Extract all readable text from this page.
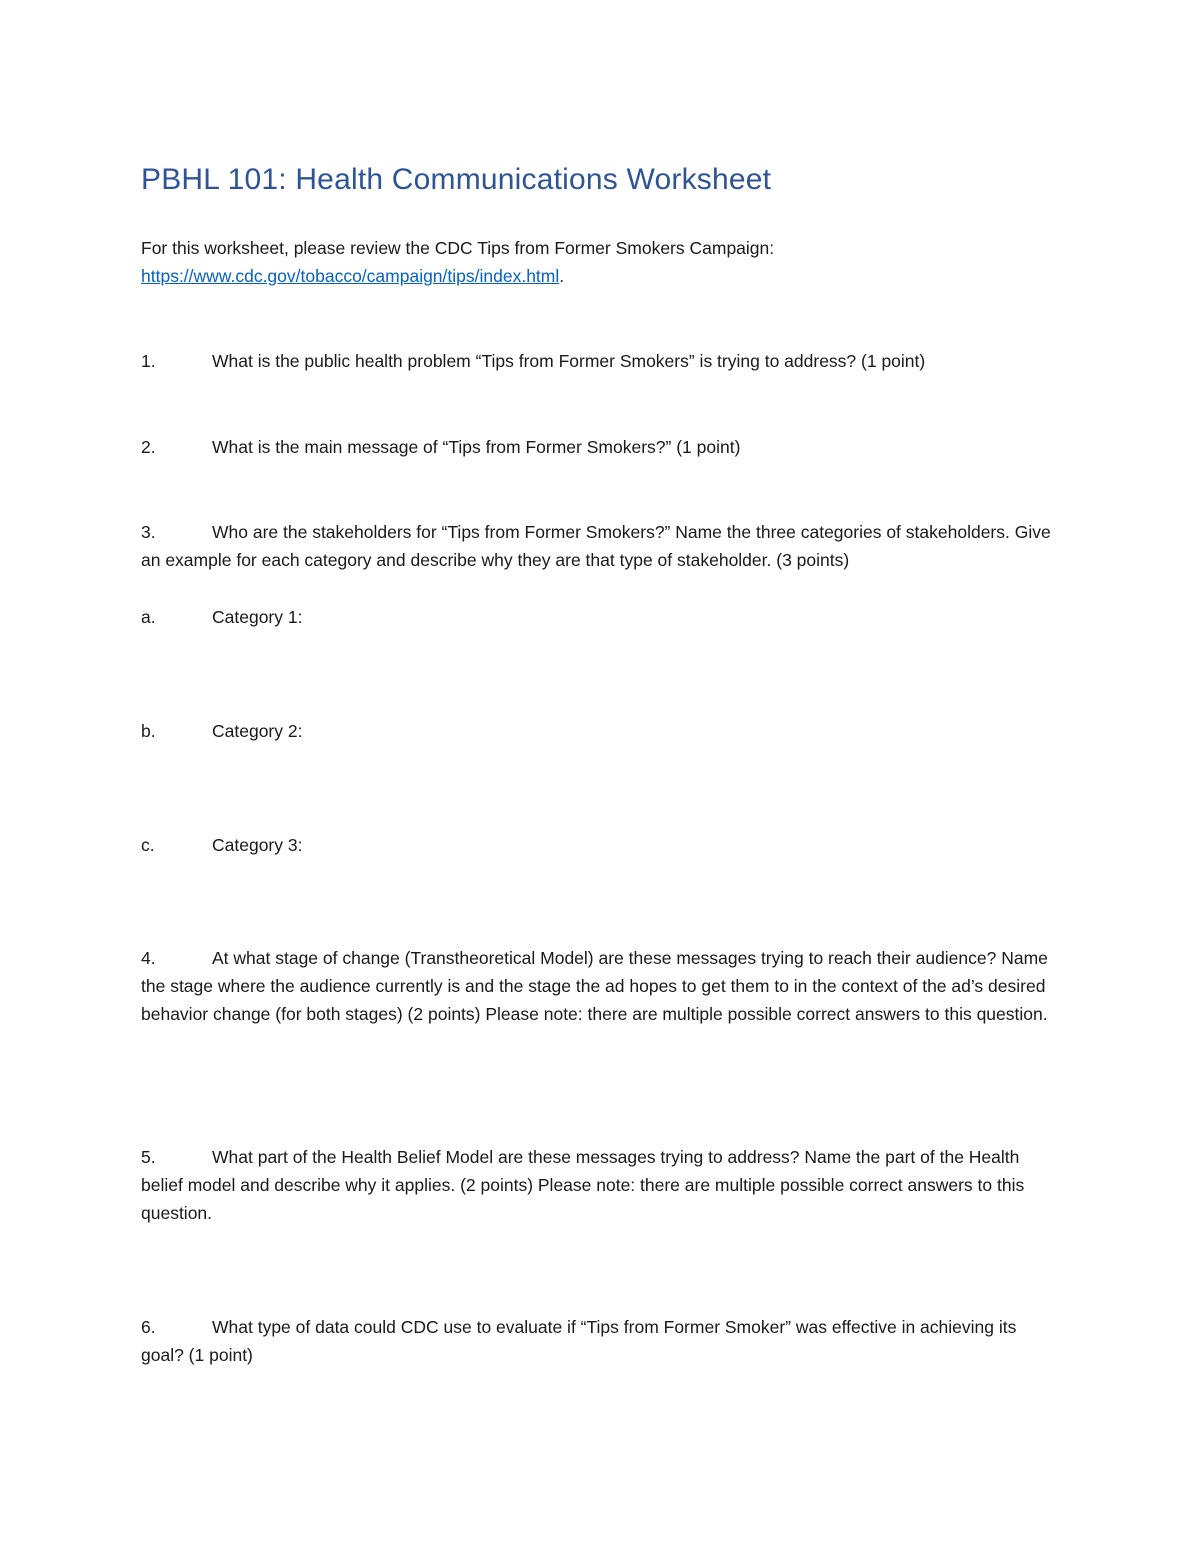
PBHL 101: Health Communications Worksheet

For this worksheet, please review the CDC Tips from Former Smokers Campaign:
https://www.cdc.gov/tobacco/campaign/tips/index.html.

1.	What is the public health problem “Tips from Former Smokers” is trying to address? (1 point)

2.	What is the main message of “Tips from Former Smokers?” (1 point)

3.	Who are the stakeholders for “Tips from Former Smokers?” Name the three categories of stakeholders. Give an example for each category and describe why they are that type of stakeholder. (3 points)

a.	Category 1:
b.	Category 2:
c.	Category 3:

4.	At what stage of change (Transtheoretical Model) are these messages trying to reach their audience? Name the stage where the audience currently is and the stage the ad hopes to get them to in the context of the ad’s desired behavior change (for both stages) (2 points) Please note: there are multiple possible correct answers to this question.

5.	What part of the Health Belief Model are these messages trying to address? Name the part of the Health belief model and describe why it applies. (2 points) Please note: there are multiple possible correct answers to this question.

6.	What type of data could CDC use to evaluate if “Tips from Former Smoker” was effective in achieving its goal? (1 point)
